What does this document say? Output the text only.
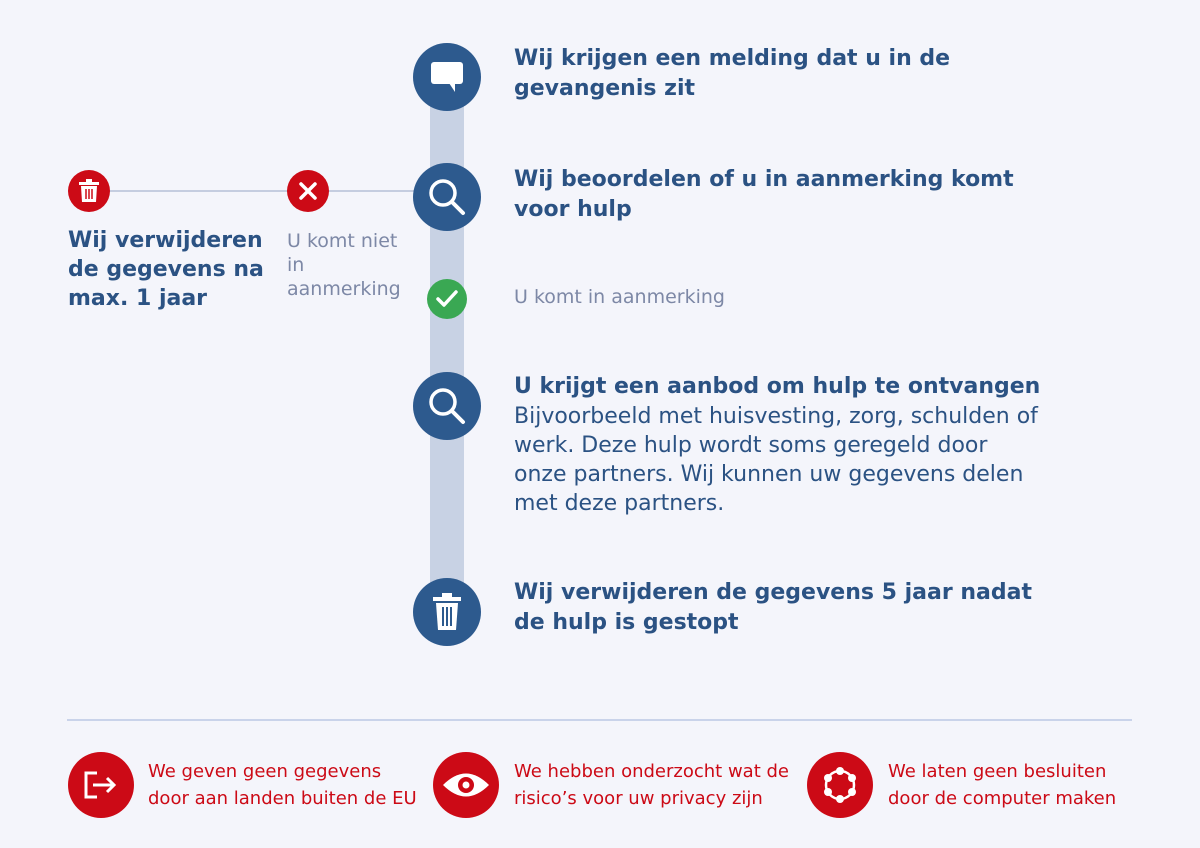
Wij krijgen een melding dat u in de gevangenis zit

Wij beoordelen of u in aanmerking komt voor hulp

U komt niet in aanmerking

Wij verwijderen de gegevens na max. 1 jaar	U komt in aanmerking

U krijgt een aanbod om hulp te ontvangen

Bijvoorbeeld met huisvesting, zorg, schulden of werk. Deze hulp wordt soms geregeld door onze partners. Wij kunnen uw gegevens delen met deze partners.

Wij verwijderen de gegevens 5 jaar nadat de hulp is gestopt

We geven geen gegevens door aan landen buiten de EU

We hebben onderzocht wat de risico’s voor uw privacy zijn

We laten geen besluiten door de computer maken
